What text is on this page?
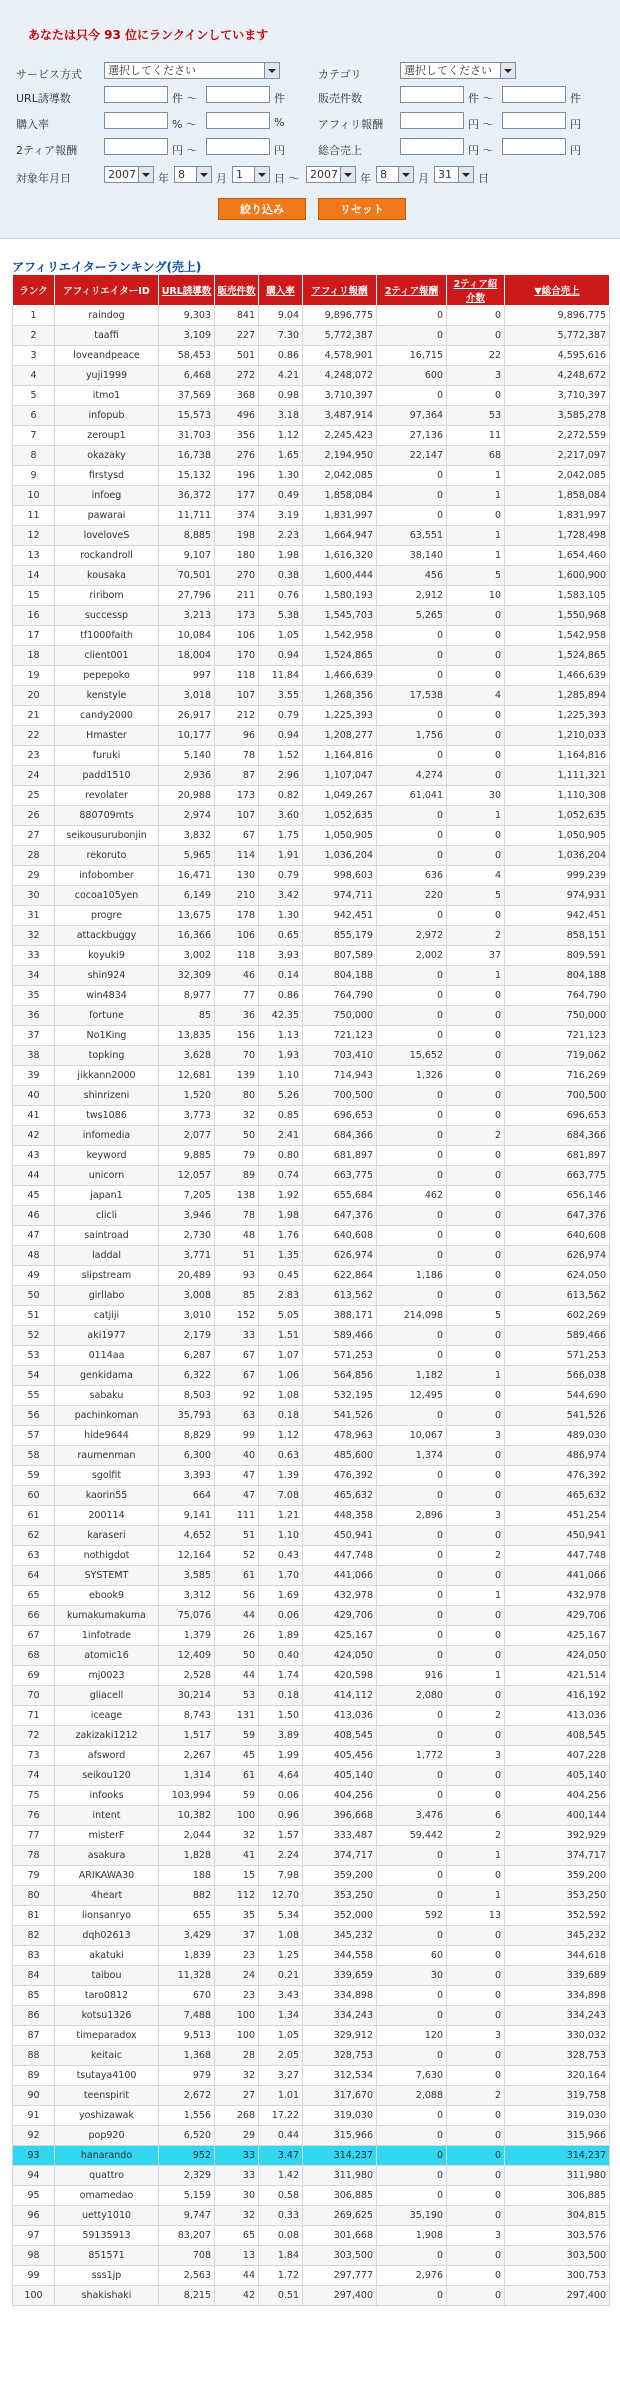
あなたは只今 93 位にランクインしています
サービス方式	選択してください	カテゴリ	選択してください
URL誘導数	件 〜	件	販売件数	件 〜	件
購入率	% 〜	%	アフィリ報酬	円 〜	円
2ティア報酬	円 〜	円	総合売上	円 〜	円
対象年月日	2007	年 8	月 1	日 〜 2007	年 8	月 31	日
絞り込み	リセット
アフィリエイターランキング(売上)
ランク	アフィリエイターID	URL誘導数	販売件数	購入率	アフィリ報酬	2ティア報酬	2ティア紹介数	▼総合売上
1	raindog	9,303	841	9.04	9,896,775	0	0	9,896,775
2	taaffi	3,109	227	7.30	5,772,387	0	0	5,772,387
3	loveandpeace	58,453	501	0.86	4,578,901	16,715	22	4,595,616
4	yuji1999	6,468	272	4.21	4,248,072	600	3	4,248,672
5	itmo1	37,569	368	0.98	3,710,397	0	0	3,710,397
6	infopub	15,573	496	3.18	3,487,914	97,364	53	3,585,278
7	zeroup1	31,703	356	1.12	2,245,423	27,136	11	2,272,559
8	okazaky	16,738	276	1.65	2,194,950	22,147	68	2,217,097
9	firstysd	15,132	196	1.30	2,042,085	0	1	2,042,085
10	infoeg	36,372	177	0.49	1,858,084	0	1	1,858,084
11	pawarai	11,711	374	3.19	1,831,997	0	0	1,831,997
12	loveloveS	8,885	198	2.23	1,664,947	63,551	1	1,728,498
13	rockandroll	9,107	180	1.98	1,616,320	38,140	1	1,654,460
14	kousaka	70,501	270	0.38	1,600,444	456	5	1,600,900
15	riribom	27,796	211	0.76	1,580,193	2,912	10	1,583,105
16	successp	3,213	173	5.38	1,545,703	5,265	0	1,550,968
17	tf1000faith	10,084	106	1.05	1,542,958	0	0	1,542,958
18	client001	18,004	170	0.94	1,524,865	0	0	1,524,865
19	pepepoko	997	118	11.84	1,466,639	0	0	1,466,639
20	kenstyle	3,018	107	3.55	1,268,356	17,538	4	1,285,894
21	candy2000	26,917	212	0.79	1,225,393	0	0	1,225,393
22	Hmaster	10,177	96	0.94	1,208,277	1,756	0	1,210,033
23	furuki	5,140	78	1.52	1,164,816	0	0	1,164,816
24	padd1510	2,936	87	2.96	1,107,047	4,274	0	1,111,321
25	revolater	20,988	173	0.82	1,049,267	61,041	30	1,110,308
26	880709mts	2,974	107	3.60	1,052,635	0	1	1,052,635
27	seikousurubonjin	3,832	67	1.75	1,050,905	0	0	1,050,905
28	rekoruto	5,965	114	1.91	1,036,204	0	0	1,036,204
29	infobomber	16,471	130	0.79	998,603	636	4	999,239
30	cocoa105yen	6,149	210	3.42	974,711	220	5	974,931
31	progre	13,675	178	1.30	942,451	0	0	942,451
32	attackbuggy	16,366	106	0.65	855,179	2,972	2	858,151
33	koyuki9	3,002	118	3.93	807,589	2,002	37	809,591
34	shin924	32,309	46	0.14	804,188	0	1	804,188
35	win4834	8,977	77	0.86	764,790	0	0	764,790
36	fortune	85	36	42.35	750,000	0	0	750,000
37	No1King	13,835	156	1.13	721,123	0	0	721,123
38	topking	3,628	70	1.93	703,410	15,652	0	719,062
39	jikkann2000	12,681	139	1.10	714,943	1,326	0	716,269
40	shinrizeni	1,520	80	5.26	700,500	0	0	700,500
41	tws1086	3,773	32	0.85	696,653	0	0	696,653
42	infomedia	2,077	50	2.41	684,366	0	2	684,366
43	keyword	9,885	79	0.80	681,897	0	0	681,897
44	unicorn	12,057	89	0.74	663,775	0	0	663,775
45	japan1	7,205	138	1.92	655,684	462	0	656,146
46	clicli	3,946	78	1.98	647,376	0	0	647,376
47	saintroad	2,730	48	1.76	640,608	0	0	640,608
48	laddal	3,771	51	1.35	626,974	0	0	626,974
49	slipstream	20,489	93	0.45	622,864	1,186	0	624,050
50	girllabo	3,008	85	2.83	613,562	0	0	613,562
51	catjiji	3,010	152	5.05	388,171	214,098	5	602,269
52	aki1977	2,179	33	1.51	589,466	0	0	589,466
53	0114aa	6,287	67	1.07	571,253	0	0	571,253
54	genkidama	6,322	67	1.06	564,856	1,182	1	566,038
55	sabaku	8,503	92	1.08	532,195	12,495	0	544,690
56	pachinkoman	35,793	63	0.18	541,526	0	0	541,526
57	hide9644	8,829	99	1.12	478,963	10,067	3	489,030
58	raumenman	6,300	40	0.63	485,600	1,374	0	486,974
59	sgolfit	3,393	47	1.39	476,392	0	0	476,392
60	kaorin55	664	47	7.08	465,632	0	0	465,632
61	200114	9,141	111	1.21	448,358	2,896	3	451,254
62	karaseri	4,652	51	1.10	450,941	0	0	450,941
63	nothigdot	12,164	52	0.43	447,748	0	2	447,748
64	SYSTEMT	3,585	61	1.70	441,066	0	0	441,066
65	ebook9	3,312	56	1.69	432,978	0	1	432,978
66	kumakumakuma	75,076	44	0.06	429,706	0	0	429,706
67	1infotrade	1,379	26	1.89	425,167	0	0	425,167
68	atomic16	12,409	50	0.40	424,050	0	0	424,050
69	mj0023	2,528	44	1.74	420,598	916	1	421,514
70	gliacell	30,214	53	0.18	414,112	2,080	0	416,192
71	iceage	8,743	131	1.50	413,036	0	2	413,036
72	zakizaki1212	1,517	59	3.89	408,545	0	0	408,545
73	afsword	2,267	45	1.99	405,456	1,772	3	407,228
74	seikou120	1,314	61	4.64	405,140	0	0	405,140
75	infooks	103,994	59	0.06	404,256	0	0	404,256
76	intent	10,382	100	0.96	396,668	3,476	6	400,144
77	misterF	2,044	32	1.57	333,487	59,442	2	392,929
78	asakura	1,828	41	2.24	374,717	0	1	374,717
79	ARIKAWA30	188	15	7.98	359,200	0	0	359,200
80	4heart	882	112	12.70	353,250	0	1	353,250
81	lionsanryo	655	35	5.34	352,000	592	13	352,592
82	dqh02613	3,429	37	1.08	345,232	0	0	345,232
83	akatuki	1,839	23	1.25	344,558	60	0	344,618
84	taibou	11,328	24	0.21	339,659	30	0	339,689
85	taro0812	670	23	3.43	334,898	0	0	334,898
86	kotsu1326	7,488	100	1.34	334,243	0	0	334,243
87	timeparadox	9,513	100	1.05	329,912	120	3	330,032
88	keitaic	1,368	28	2.05	328,753	0	0	328,753
89	tsutaya4100	979	32	3.27	312,534	7,630	0	320,164
90	teenspirit	2,672	27	1.01	317,670	2,088	2	319,758
91	yoshizawak	1,556	268	17.22	319,030	0	0	319,030
92	pop920	6,520	29	0.44	315,966	0	0	315,966
93	hanarando	952	33	3.47	314,237	0	0	314,237
94	quattro	2,329	33	1.42	311,980	0	0	311,980
95	omamedao	5,159	30	0.58	306,885	0	0	306,885
96	uetty1010	9,747	32	0.33	269,625	35,190	0	304,815
97	59135913	83,207	65	0.08	301,668	1,908	3	303,576
98	851571	708	13	1.84	303,500	0	0	303,500
99	sss1jp	2,563	44	1.72	297,777	2,976	0	300,753
100	shakishaki	8,215	42	0.51	297,400	0	0	297,400
